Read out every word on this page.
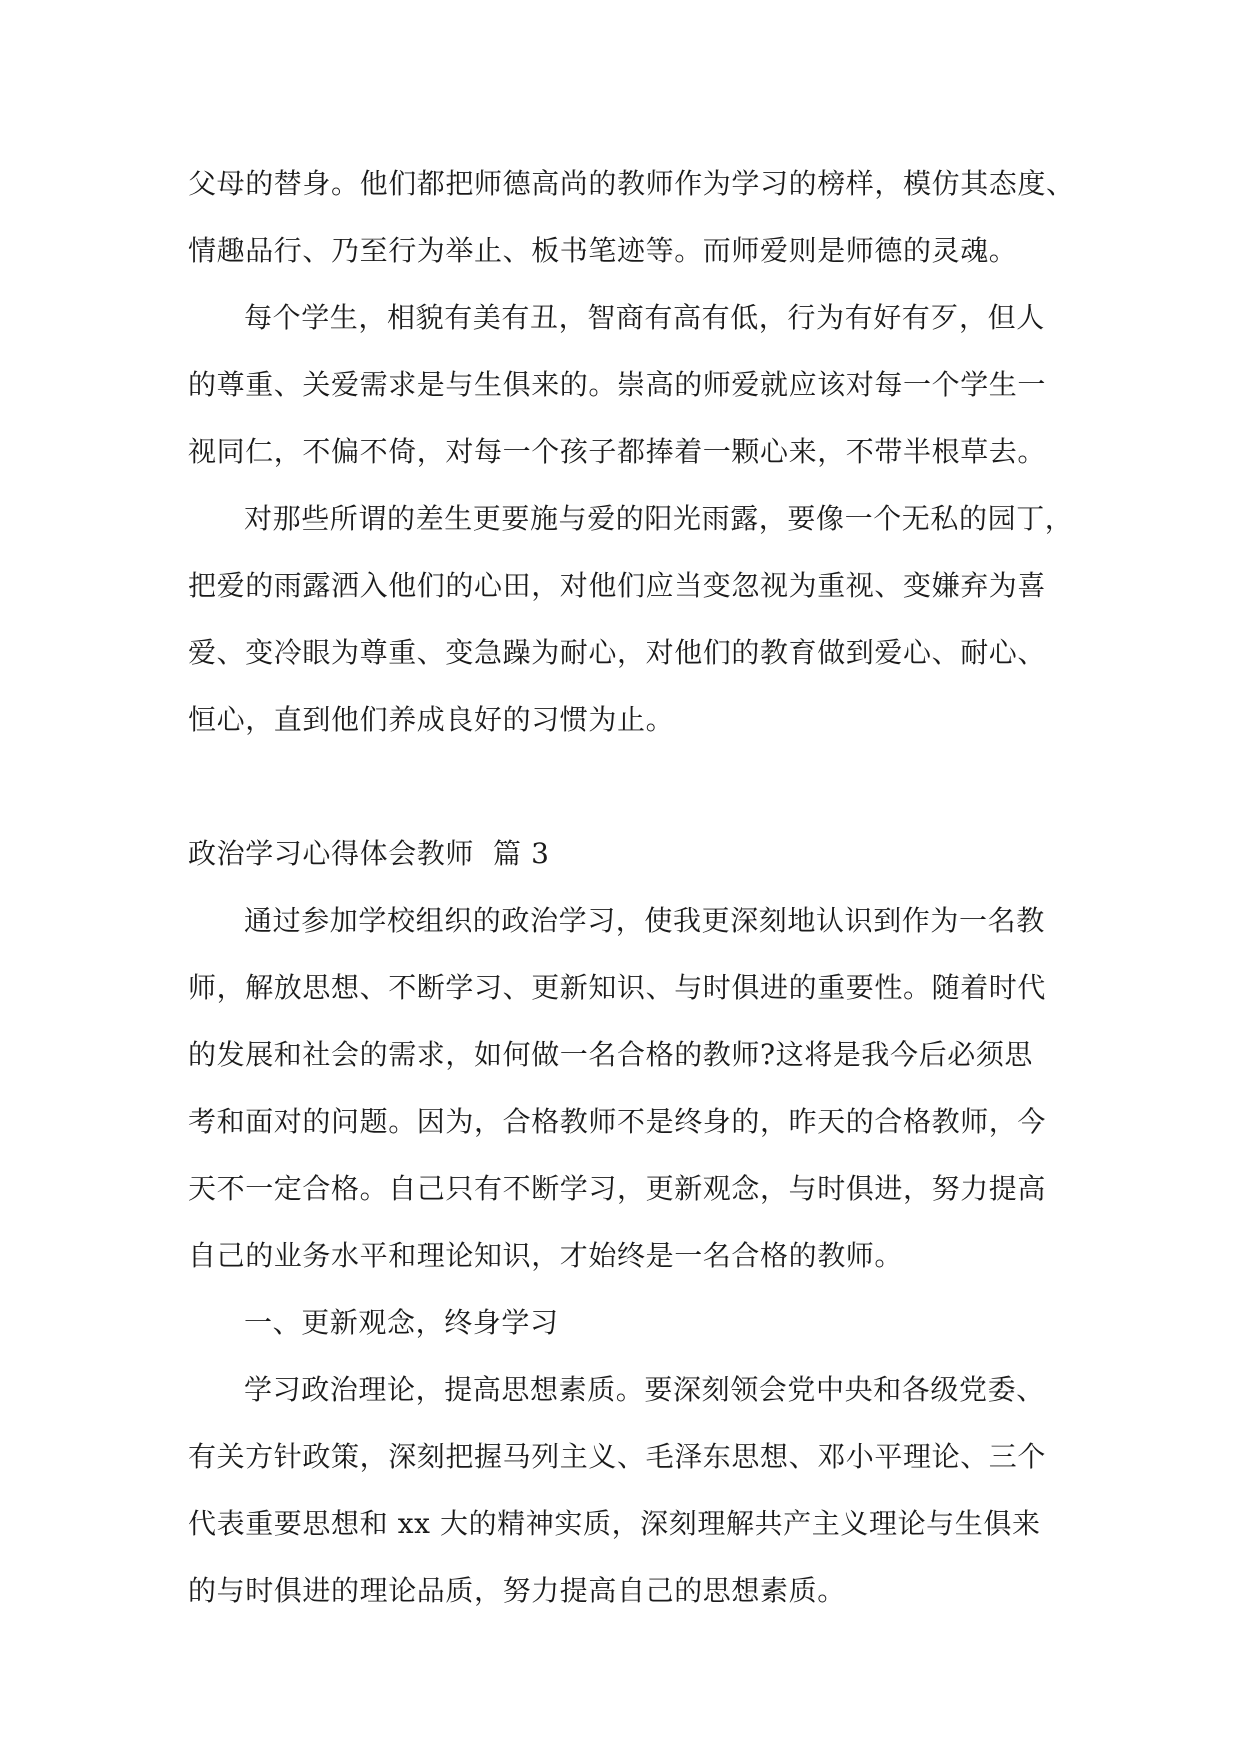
父母的替身。他们都把师德高尚的教师作为学习的榜样，模仿其态度、
情趣品行、乃至行为举止、板书笔迹等。而师爱则是师德的灵魂。

每个学生，相貌有美有丑，智商有高有低，行为有好有歹，但人
的尊重、关爱需求是与生俱来的。崇高的师爱就应该对每一个学生一
视同仁，不偏不倚，对每一个孩子都捧着一颗心来，不带半根草去。

对那些所谓的差生更要施与爱的阳光雨露，要像一个无私的园丁，
把爱的雨露洒入他们的心田，对他们应当变忽视为重视、变嫌弃为喜
爱、变冷眼为尊重、变急躁为耐心，对他们的教育做到爱心、耐心、
恒心，直到他们养成良好的习惯为止。

政治学习心得体会教师  篇 3

通过参加学校组织的政治学习，使我更深刻地认识到作为一名教
师，解放思想、不断学习、更新知识、与时俱进的重要性。随着时代
的发展和社会的需求，如何做一名合格的教师?这将是我今后必须思
考和面对的问题。因为，合格教师不是终身的，昨天的合格教师，今
天不一定合格。自己只有不断学习，更新观念，与时俱进，努力提高
自己的业务水平和理论知识，才始终是一名合格的教师。

一、更新观念，终身学习

学习政治理论，提高思想素质。要深刻领会党中央和各级党委、
有关方针政策，深刻把握马列主义、毛泽东思想、邓小平理论、三个
代表重要思想和 xx 大的精神实质，深刻理解共产主义理论与生俱来
的与时俱进的理论品质，努力提高自己的思想素质。
